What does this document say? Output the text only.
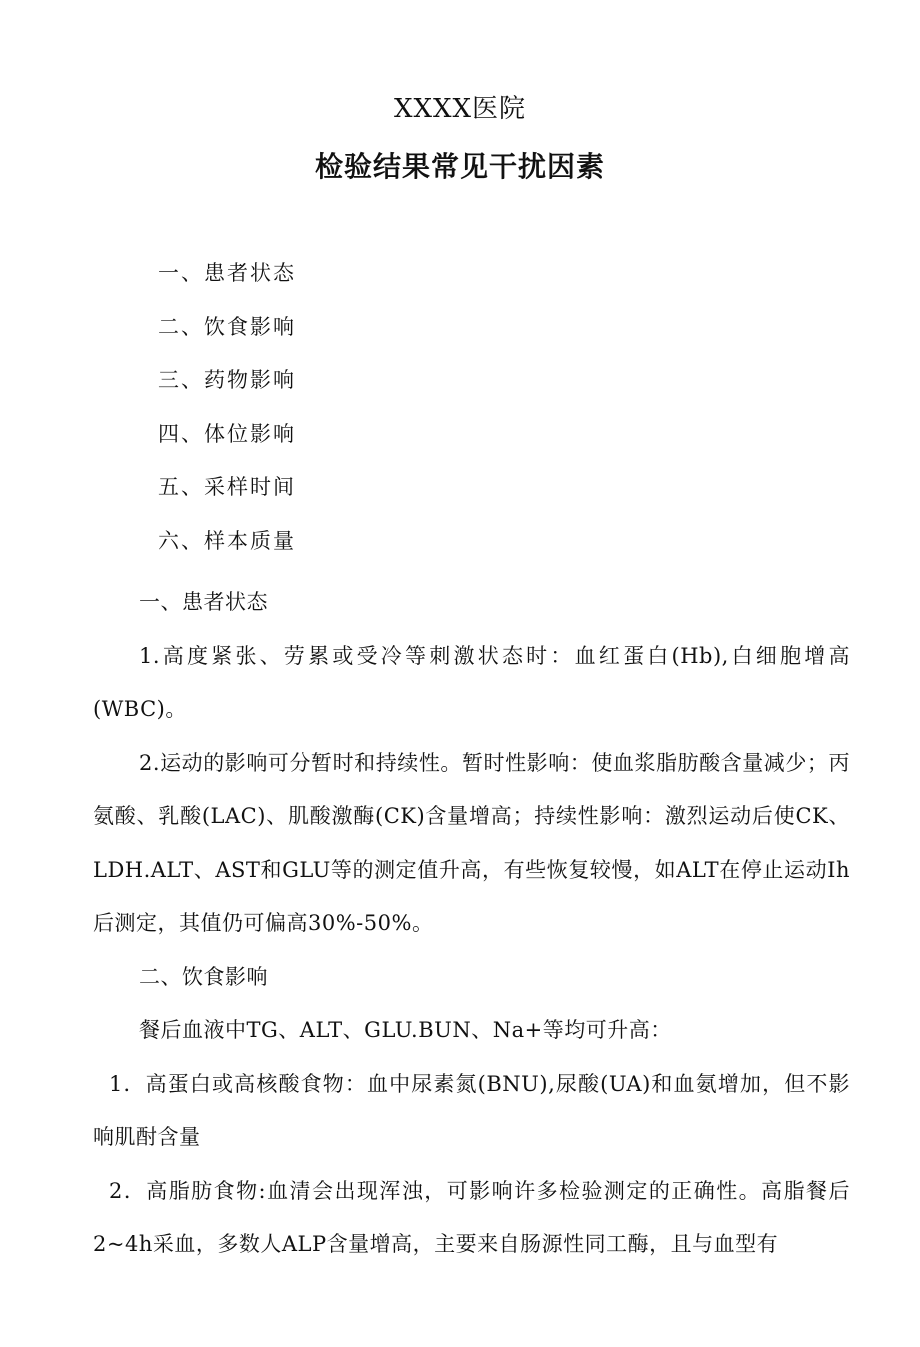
XXXX医院
检验结果常见干扰因素
一、患者状态
二、饮食影响
三、药物影响
四、体位影响
五、采样时间
六、样本质量

一、患者状态

1.高度紧张、劳累或受冷等刺激状态时：血红蛋白(Hb),白细胞增高(WBC)。

2.运动的影响可分暂时和持续性。暂时性影响：使血浆脂肪酸含量减少；丙氨酸、乳酸(LAC)、肌酸激酶(CK)含量增高；持续性影响：激烈运动后使CK、LDH.ALT、AST和GLU等的测定值升高，有些恢复较慢，如ALT在停止运动Ih后测定，其值仍可偏高30%-50%。

二、饮食影响

餐后血液中TG、ALT、GLU.BUN、Na+等均可升高：

1．高蛋白或高核酸食物：血中尿素氮(BNU),尿酸(UA)和血氨增加，但不影响肌酎含量

2．高脂肪食物:血清会出现浑浊，可影响许多检验测定的正确性。高脂餐后2~4h采血，多数人ALP含量增高，主要来自肠源性同工酶，且与血型有
